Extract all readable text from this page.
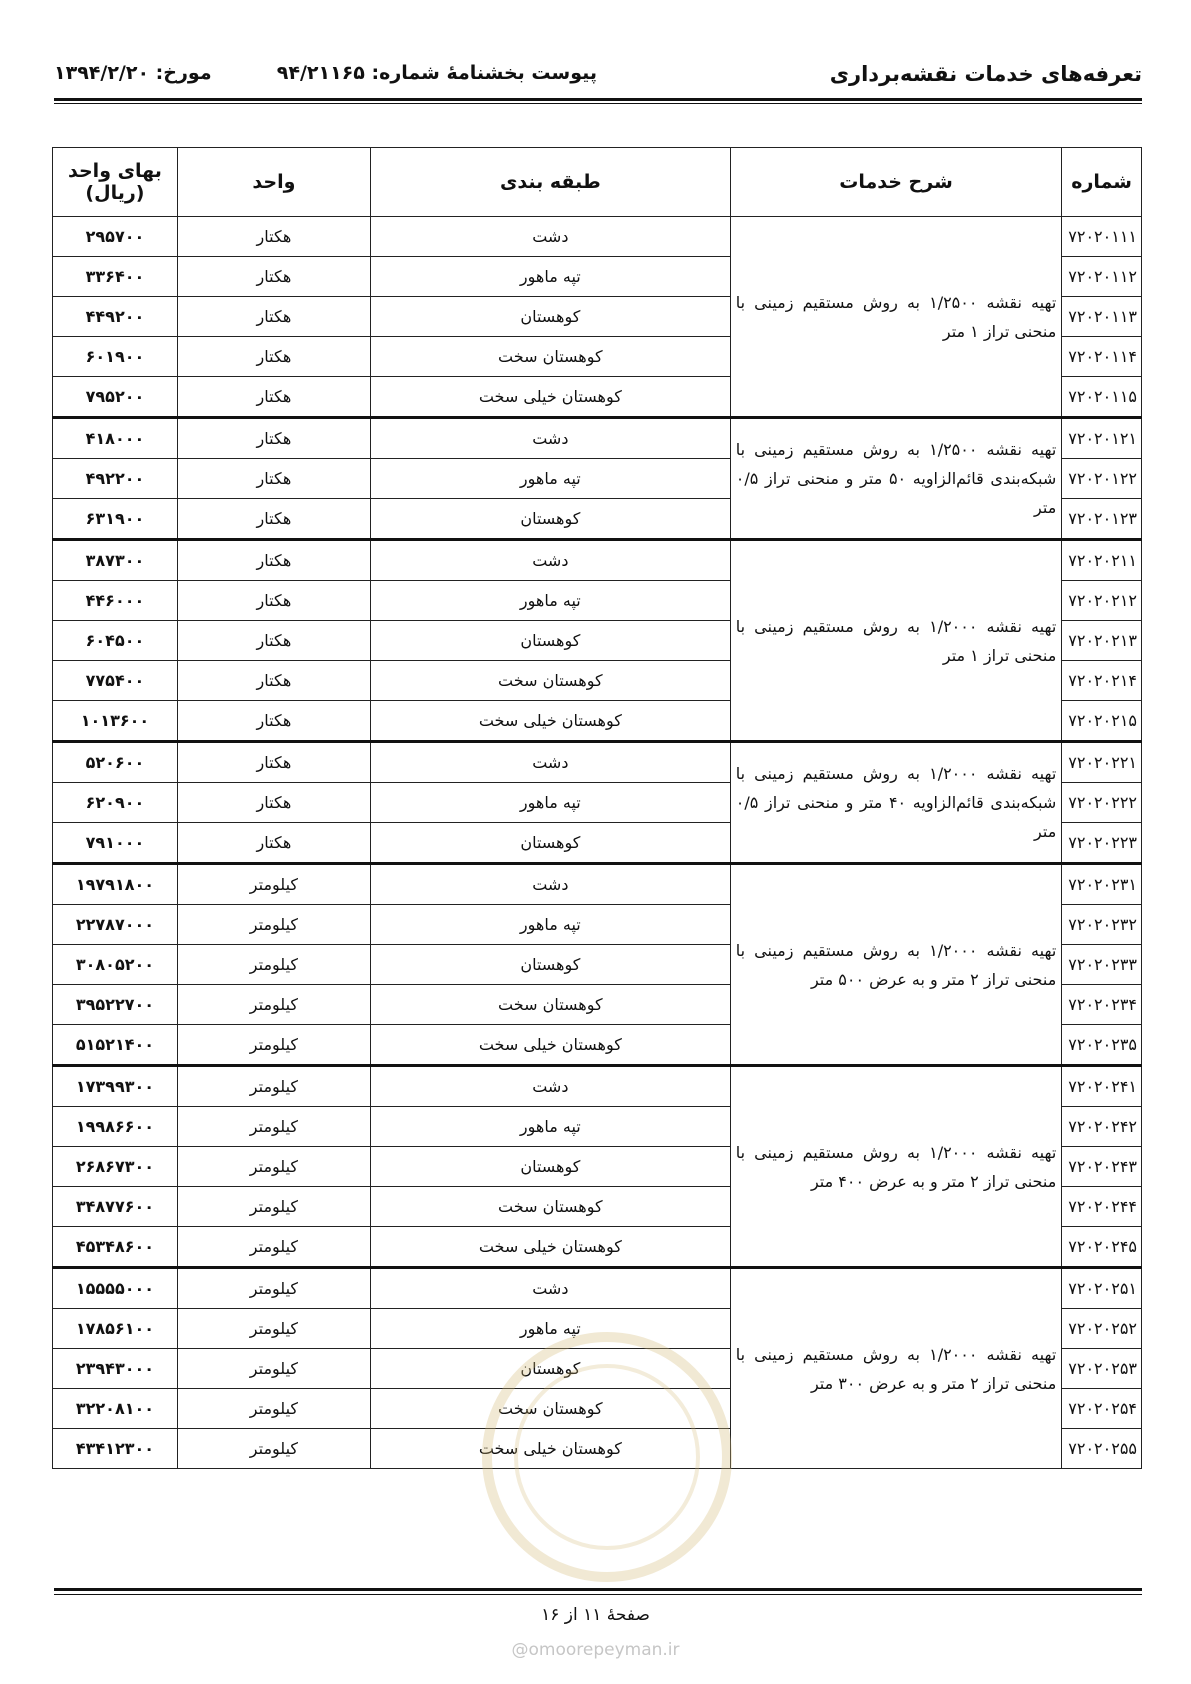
تعرفه‌های خدمات نقشه‌برداری
پیوست بخشنامهٔ شماره: ۹۴/۲۱۱۶۵
مورخ: ۱۳۹۴/۲/۲۰
شماره	شرح خدمات	طبقه بندی	واحد	بهای واحد (ریال)
۷۲۰۲۰۱۱۱	تهیه نقشه ۱/۲۵۰۰ به روش مستقیم زمینی با منحنی تراز ۱ متر	دشت	هکتار	۲۹۵۷۰۰
۷۲۰۲۰۱۱۲		تپه ماهور	هکتار	۳۳۶۴۰۰
۷۲۰۲۰۱۱۳		کوهستان	هکتار	۴۴۹۲۰۰
۷۲۰۲۰۱۱۴		کوهستان سخت	هکتار	۶۰۱۹۰۰
۷۲۰۲۰۱۱۵		کوهستان خیلی سخت	هکتار	۷۹۵۲۰۰
۷۲۰۲۰۱۲۱	تهیه نقشه ۱/۲۵۰۰ به روش مستقیم زمینی با شبکه‌بندی قائم‌الزاویه ۵۰ متر و منحنی تراز ۰/۵ متر	دشت	هکتار	۴۱۸۰۰۰
۷۲۰۲۰۱۲۲		تپه ماهور	هکتار	۴۹۲۲۰۰
۷۲۰۲۰۱۲۳		کوهستان	هکتار	۶۳۱۹۰۰
۷۲۰۲۰۲۱۱	تهیه نقشه ۱/۲۰۰۰ به روش مستقیم زمینی با منحنی تراز ۱ متر	دشت	هکتار	۳۸۷۳۰۰
۷۲۰۲۰۲۱۲		تپه ماهور	هکتار	۴۴۶۰۰۰
۷۲۰۲۰۲۱۳		کوهستان	هکتار	۶۰۴۵۰۰
۷۲۰۲۰۲۱۴		کوهستان سخت	هکتار	۷۷۵۴۰۰
۷۲۰۲۰۲۱۵		کوهستان خیلی سخت	هکتار	۱۰۱۳۶۰۰
۷۲۰۲۰۲۲۱	تهیه نقشه ۱/۲۰۰۰ به روش مستقیم زمینی با شبکه‌بندی قائم‌الزاویه ۴۰ متر و منحنی تراز ۰/۵ متر	دشت	هکتار	۵۲۰۶۰۰
۷۲۰۲۰۲۲۲		تپه ماهور	هکتار	۶۲۰۹۰۰
۷۲۰۲۰۲۲۳		کوهستان	هکتار	۷۹۱۰۰۰
۷۲۰۲۰۲۳۱	تهیه نقشه ۱/۲۰۰۰ به روش مستقیم زمینی با منحنی تراز ۲ متر و به عرض ۵۰۰ متر	دشت	کیلومتر	۱۹۷۹۱۸۰۰
۷۲۰۲۰۲۳۲		تپه ماهور	کیلومتر	۲۲۷۸۷۰۰۰
۷۲۰۲۰۲۳۳		کوهستان	کیلومتر	۳۰۸۰۵۲۰۰
۷۲۰۲۰۲۳۴		کوهستان سخت	کیلومتر	۳۹۵۲۲۷۰۰
۷۲۰۲۰۲۳۵		کوهستان خیلی سخت	کیلومتر	۵۱۵۲۱۴۰۰
۷۲۰۲۰۲۴۱	تهیه نقشه ۱/۲۰۰۰ به روش مستقیم زمینی با منحنی تراز ۲ متر و به عرض ۴۰۰ متر	دشت	کیلومتر	۱۷۳۹۹۳۰۰
۷۲۰۲۰۲۴۲		تپه ماهور	کیلومتر	۱۹۹۸۶۶۰۰
۷۲۰۲۰۲۴۳		کوهستان	کیلومتر	۲۶۸۶۷۳۰۰
۷۲۰۲۰۲۴۴		کوهستان سخت	کیلومتر	۳۴۸۷۷۶۰۰
۷۲۰۲۰۲۴۵		کوهستان خیلی سخت	کیلومتر	۴۵۳۴۸۶۰۰
۷۲۰۲۰۲۵۱	تهیه نقشه ۱/۲۰۰۰ به روش مستقیم زمینی با منحنی تراز ۲ متر و به عرض ۳۰۰ متر	دشت	کیلومتر	۱۵۵۵۵۰۰۰
۷۲۰۲۰۲۵۲		تپه ماهور	کیلومتر	۱۷۸۵۶۱۰۰
۷۲۰۲۰۲۵۳		کوهستان	کیلومتر	۲۳۹۴۳۰۰۰
۷۲۰۲۰۲۵۴		کوهستان سخت	کیلومتر	۳۲۲۰۸۱۰۰
۷۲۰۲۰۲۵۵		کوهستان خیلی سخت	کیلومتر	۴۳۴۱۲۳۰۰
صفحهٔ ۱۱ از ۱۶
@omoorepeyman.ir
